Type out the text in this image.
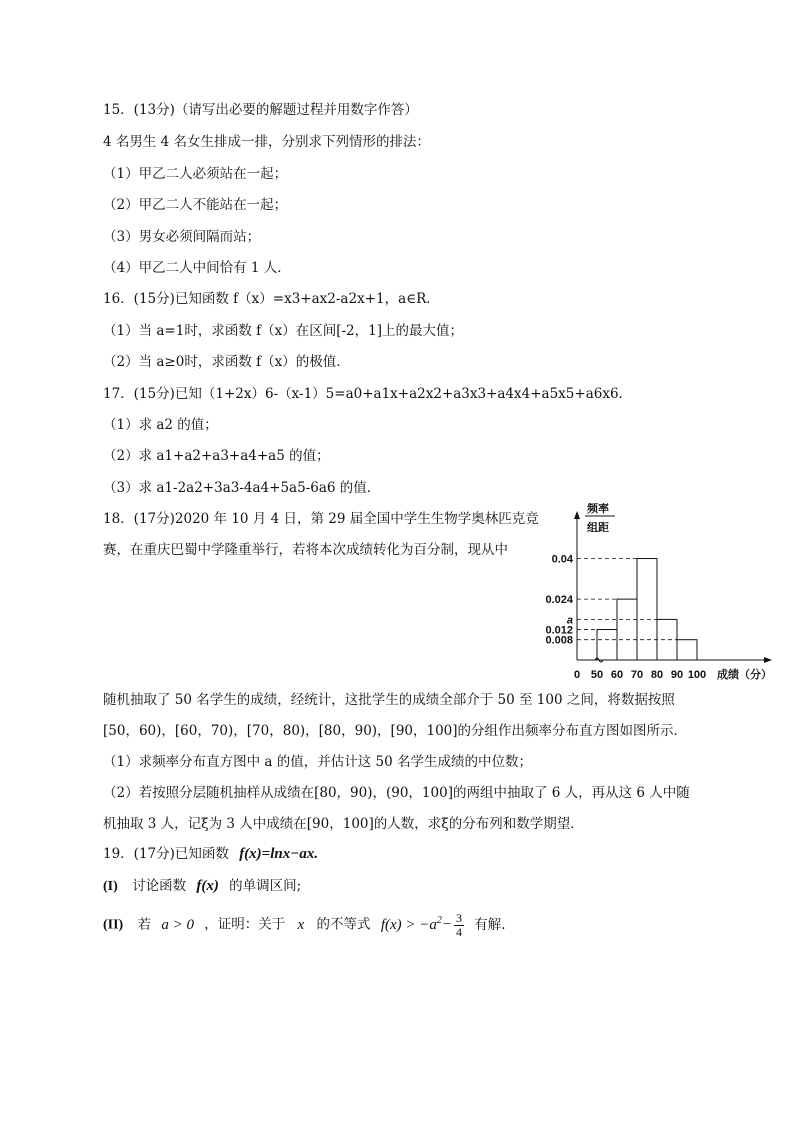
15．(13分)（请写出必要的解题过程并用数字作答）
4 名男生 4 名女生排成一排，分别求下列情形的排法：
（1）甲乙二人必须站在一起；
（2）甲乙二人不能站在一起；
（3）男女必须间隔而站；
（4）甲乙二人中间恰有 1 人．
16．(15分)已知函数 f（x）=x3+ax2-a2x+1，a∈R．
（1）当 a=1时，求函数 f（x）在区间[-2，1]上的最大值；
（2）当 a≥0时，求函数 f（x）的极值．
17．(15分)已知（1+2x）6-（x-1）5=a0+a1x+a2x2+a3x3+a4x4+a5x5+a6x6．
（1）求 a2 的值；
（2）求 a1+a2+a3+a4+a5 的值；
（3）求 a1-2a2+3a3-4a4+5a5-6a6 的值．
18．(17分)2020 年 10 月 4 日，第 29 届全国中学生生物学奥林匹克竞
赛，在重庆巴蜀中学隆重举行，若将本次成绩转化为百分制，现从中
频率
组距
0.04
0.024
a
0.012
0.008
0 50 60 70 80 90 100 成绩（分）
随机抽取了 50 名学生的成绩，经统计，这批学生的成绩全部介于 50 至 100 之间，将数据按照
[50，60)，[60，70)，[70，80)，[80，90)，[90，100]的分组作出频率分布直方图如图所示．
（1）求频率分布直方图中 a 的值，并估计这 50 名学生成绩的中位数；
（2）若按照分层随机抽样从成绩在[80，90)，(90，100]的两组中抽取了 6 人，再从这 6 人中随
机抽取 3 人，记ξ为 3 人中成绩在[90，100]的人数，求ξ的分布列和数学期望．
19．(17分)已知函数 f(x)=lnx−ax.
(I) 讨论函数 f(x) 的单调区间;
(II) 若 a > 0 ，证明：关于 x 的不等式 $f(x) > -a^2- \frac{3}{4}$ 有解.
